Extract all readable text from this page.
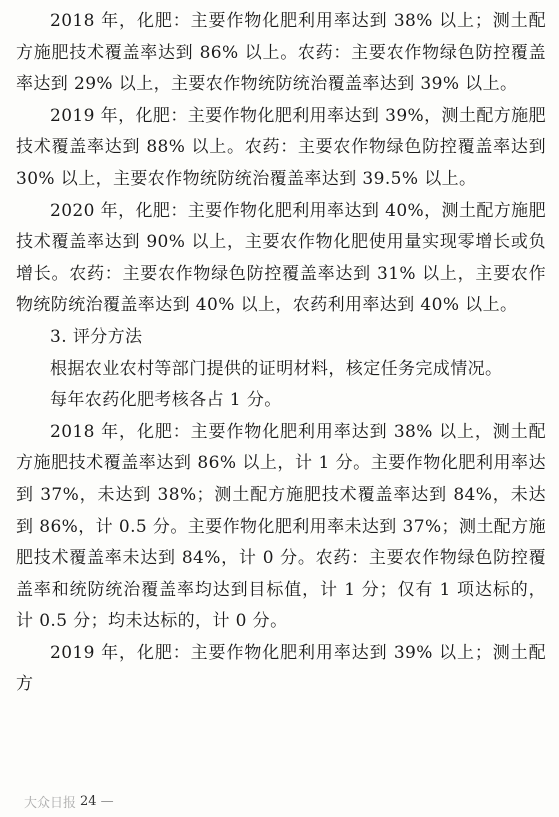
2018 年，化肥：主要作物化肥利用率达到 38% 以上；测土配方施肥技术覆盖率达到 86% 以上。农药：主要农作物绿色防控覆盖率达到 29% 以上，主要农作物统防统治覆盖率达到 39% 以上。

2019 年，化肥：主要作物化肥利用率达到 39%，测土配方施肥技术覆盖率达到 88% 以上。农药：主要农作物绿色防控覆盖率达到 30% 以上，主要农作物统防统治覆盖率达到 39.5% 以上。

2020 年，化肥：主要作物化肥利用率达到 40%，测土配方施肥技术覆盖率达到 90% 以上，主要农作物化肥使用量实现零增长或负增长。农药：主要农作物绿色防控覆盖率达到 31% 以上，主要农作物统防统治覆盖率达到 40% 以上，农药利用率达到 40% 以上。

3. 评分方法

根据农业农村等部门提供的证明材料，核定任务完成情况。

每年农药化肥考核各占 1 分。

2018 年，化肥：主要作物化肥利用率达到 38% 以上，测土配方施肥技术覆盖率达到 86% 以上，计 1 分。主要作物化肥利用率达到 37%，未达到 38%；测土配方施肥技术覆盖率达到 84%，未达到 86%，计 0.5 分。主要作物化肥利用率未达到 37%；测土配方施肥技术覆盖率未达到 84%，计 0 分。农药：主要农作物绿色防控覆盖率和统防统治覆盖率均达到目标值，计 1 分；仅有 1 项达标的，计 0.5 分；均未达标的，计 0 分。

2019 年，化肥：主要作物化肥利用率达到 39% 以上；测土配方

大众日报 24 —
